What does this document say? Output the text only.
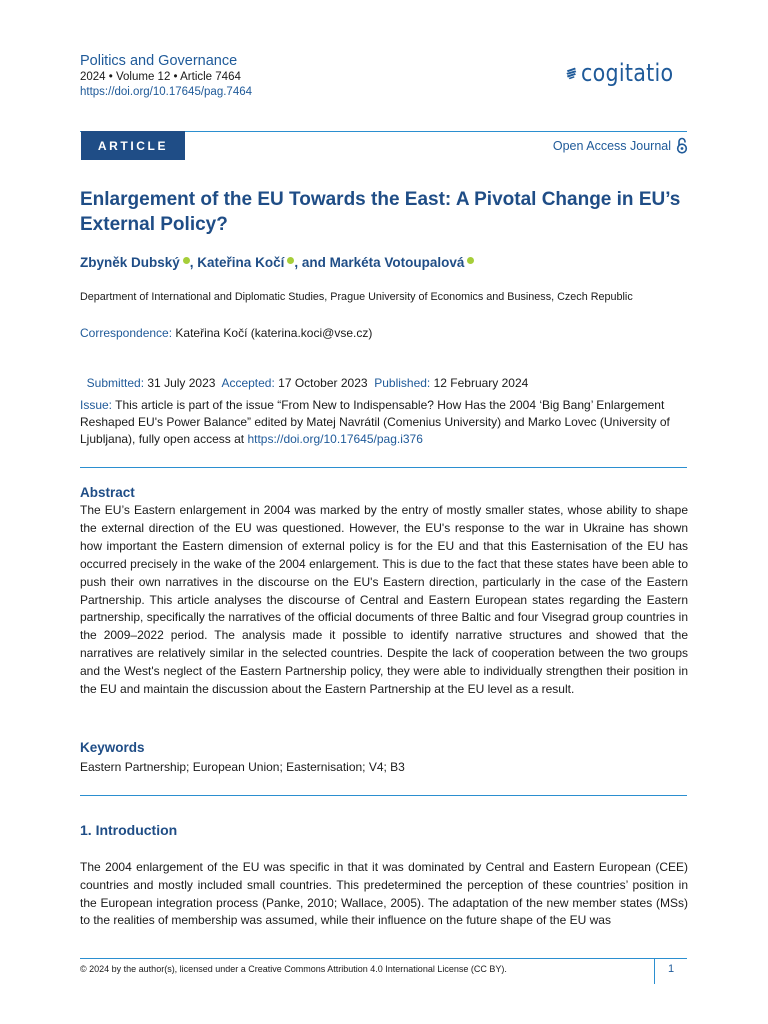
Politics and Governance
2024 • Volume 12 • Article 7464
https://doi.org/10.17645/pag.7464
cogitatio
ARTICLE	Open Access Journal
Enlargement of the EU Towards the East: A Pivotal Change in EU’s External Policy?
Zbyněk Dubský , Kateřina Kočí , and Markéta Votoupalová
Department of International and Diplomatic Studies, Prague University of Economics and Business, Czech Republic
Correspondence: Kateřina Kočí (katerina.koci@vse.cz)

Submitted: 31 July 2023  Accepted: 17 October 2023  Published: 12 February 2024

Issue: This article is part of the issue “From New to Indispensable? How Has the 2004 ‘Big Bang’ Enlargement Reshaped EU's Power Balance” edited by Matej Navrátil (Comenius University) and Marko Lovec (University of Ljubljana), fully open access at https://doi.org/10.17645/pag.i376

Abstract

The EU’s Eastern enlargement in 2004 was marked by the entry of mostly smaller states, whose ability to shape the external direction of the EU was questioned. However, the EU's response to the war in Ukraine has shown how important the Eastern dimension of external policy is for the EU and that this Easternisation of the EU has occurred precisely in the wake of the 2004 enlargement. This is due to the fact that these states have been able to push their own narratives in the discourse on the EU's Eastern direction, particularly in the case of the Eastern Partnership. This article analyses the discourse of Central and Eastern European states regarding the Eastern partnership, specifically the narratives of the official documents of three Baltic and four Visegrad group countries in the 2009–2022 period. The analysis made it possible to identify narrative structures and showed that the narratives are relatively similar in the selected countries. Despite the lack of cooperation between the two groups and the West's neglect of the Eastern Partnership policy, they were able to individually strengthen their position in the EU and maintain the discussion about the Eastern Partnership at the EU level as a result.

Keywords

Eastern Partnership; European Union; Easternisation; V4; B3

1. Introduction

The 2004 enlargement of the EU was specific in that it was dominated by Central and Eastern European (CEE) countries and mostly included small countries. This predetermined the perception of these countries’ position in the European integration process (Panke, 2010; Wallace, 2005). The adaptation of the new member states (MSs) to the realities of membership was assumed, while their influence on the future shape of the EU was

© 2024 by the author(s), licensed under a Creative Commons Attribution 4.0 International License (CC BY).	1
